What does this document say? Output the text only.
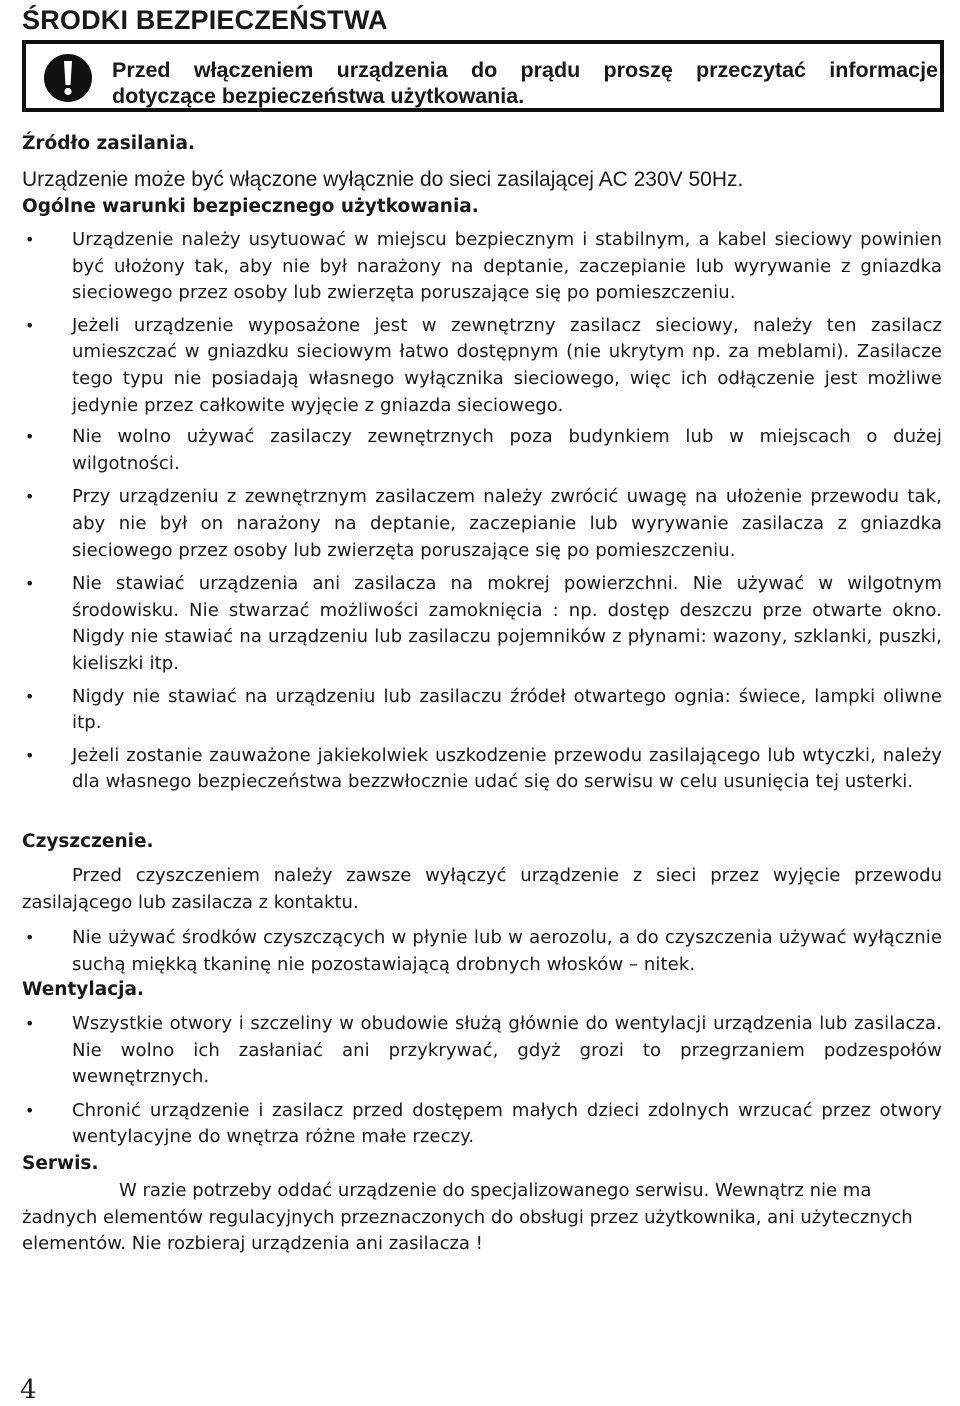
ŚRODKI BEZPIECZEŃSTWA
Przed włączeniem urządzenia do prądu proszę przeczytać informacje
dotyczące bezpieczeństwa użytkowania.
Źródło zasilania.
Urządzenie może być włączone wyłącznie do sieci zasilającej AC 230V 50Hz.
Ogólne warunki bezpiecznego użytkowania.
• Urządzenie należy usytuować w miejscu bezpiecznym i stabilnym, a kabel sieciowy powinien być ułożony tak, aby nie był narażony na deptanie, zaczepianie lub wyrywanie z gniazdka sieciowego przez osoby lub zwierzęta poruszające się po pomieszczeniu.
• Jeżeli urządzenie wyposażone jest w zewnętrzny zasilacz sieciowy, należy ten zasilacz umieszczać w gniazdku sieciowym łatwo dostępnym (nie ukrytym np. za meblami). Zasilacze tego typu nie posiadają własnego wyłącznika sieciowego, więc ich odłączenie jest możliwe jedynie przez całkowite wyjęcie z gniazda sieciowego.
• Nie wolno używać zasilaczy zewnętrznych poza budynkiem lub w miejscach o dużej wilgotności.
• Przy urządzeniu z zewnętrznym zasilaczem należy zwrócić uwagę na ułożenie przewodu tak, aby nie był on narażony na deptanie, zaczepianie lub wyrywanie zasilacza z gniazdka sieciowego przez osoby lub zwierzęta poruszające się po pomieszczeniu.
• Nie stawiać urządzenia ani zasilacza na mokrej powierzchni. Nie używać w wilgotnym środowisku. Nie stwarzać możliwości zamoknięcia : np. dostęp deszczu prze otwarte okno. Nigdy nie stawiać na urządzeniu lub zasilaczu pojemników z płynami: wazony, szklanki, puszki, kieliszki itp.
• Nigdy nie stawiać na urządzeniu lub zasilaczu źródeł otwartego ognia: świece, lampki oliwne itp.
• Jeżeli zostanie zauważone jakiekolwiek uszkodzenie przewodu zasilającego lub wtyczki, należy dla własnego bezpieczeństwa bezzwłocznie udać się do serwisu w celu usunięcia tej usterki.
Czyszczenie.
Przed czyszczeniem należy zawsze wyłączyć urządzenie z sieci przez wyjęcie przewodu zasilającego lub zasilacza z kontaktu.
• Nie używać środków czyszczących w płynie lub w aerozolu, a do czyszczenia używać wyłącznie suchą miękką tkaninę nie pozostawiającą drobnych włosków – nitek.
Wentylacja.
• Wszystkie otwory i szczeliny w obudowie służą głównie do wentylacji urządzenia lub zasilacza. Nie wolno ich zasłaniać ani przykrywać, gdyż grozi to przegrzaniem podzespołów wewnętrznych.
• Chronić urządzenie i zasilacz przed dostępem małych dzieci zdolnych wrzucać przez otwory wentylacyjne do wnętrza różne małe rzeczy.
Serwis.
W razie potrzeby oddać urządzenie do specjalizowanego serwisu. Wewnątrz nie ma żadnych elementów regulacyjnych przeznaczonych do obsługi przez użytkownika, ani użytecznych elementów. Nie rozbieraj urządzenia ani zasilacza !
4
